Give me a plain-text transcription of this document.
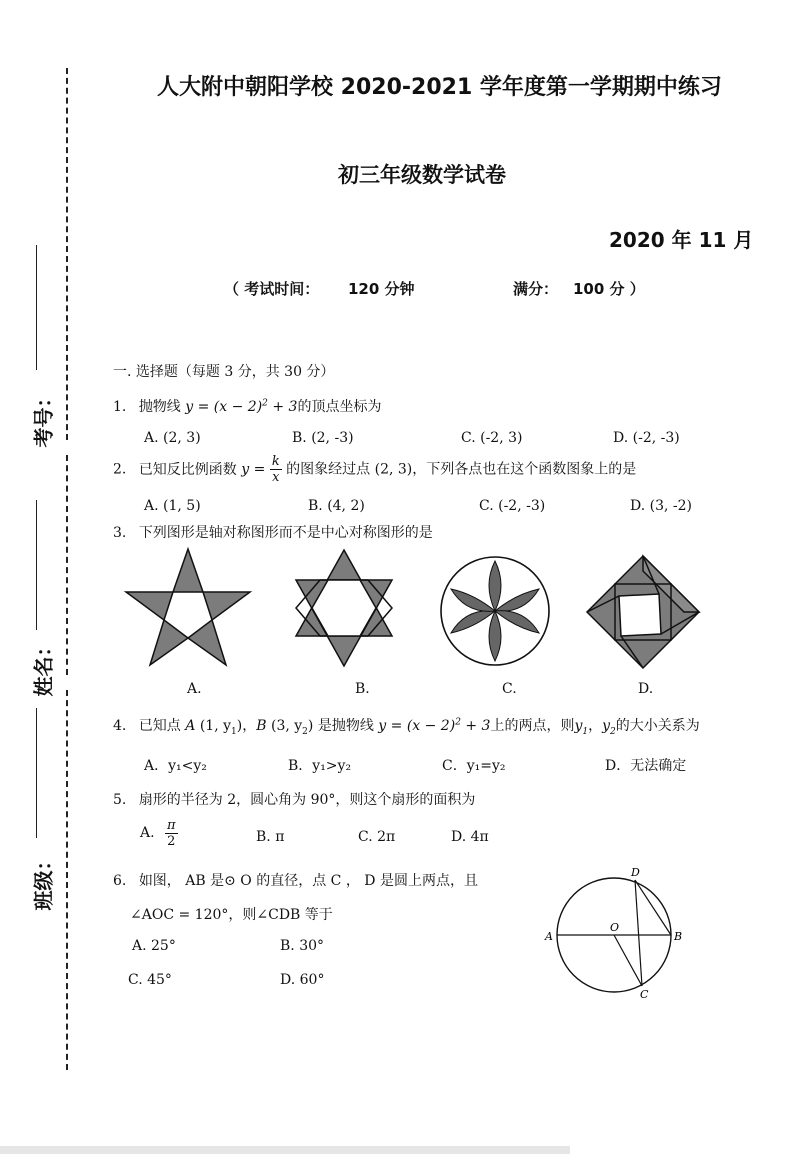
考号：
姓名：
班级：
人大附中朝阳学校 2020-2021 学年度第一学期期中练习
初三年级数学试卷
2020 年 11 月
（ 考试时间： 120 分钟	满分： 100 分 ）
一. 选择题（每题 3 分，共 30 分）
1. 抛物线 $y = (x - 2)^2 + 3$的顶点坐标为
A. (2, 3)	B. (2, -3)	C. (-2, 3)	D. (-2, -3)
2. 已知反比例函数 $y = \frac{k}{x}$ 的图象经过点 (2, 3)，下列各点也在这个函数图象上的是
A. (1, 5)	B. (4, 2)	C. (-2, -3)	D. (3, -2)
3. 下列图形是轴对称图形而不是中心对称图形的是
A.	B.	C.	D.
4. 已知点 A (1, $y_1$)，B (3, $y_2$) 是抛物线 $y = (x - 2)^2 + 3$上的两点，则$y_1$，$y_2$的大小关系为
A．y₁<y₂	B．y₁>y₂	C．y₁=y₂	D．无法确定
5. 扇形的半径为 2，圆心角为 90°，则这个扇形的面积为
A. $\frac{\pi}{2}$	B. π	C. 2π	D. 4π
6. 如图， AB 是⊙ O 的直径，点 C ， D 是圆上两点，且
∠AOC = 120°，则∠CDB 等于
A. 25°	B. 30°
C. 45°	D. 60°
A	B
C
D
O
